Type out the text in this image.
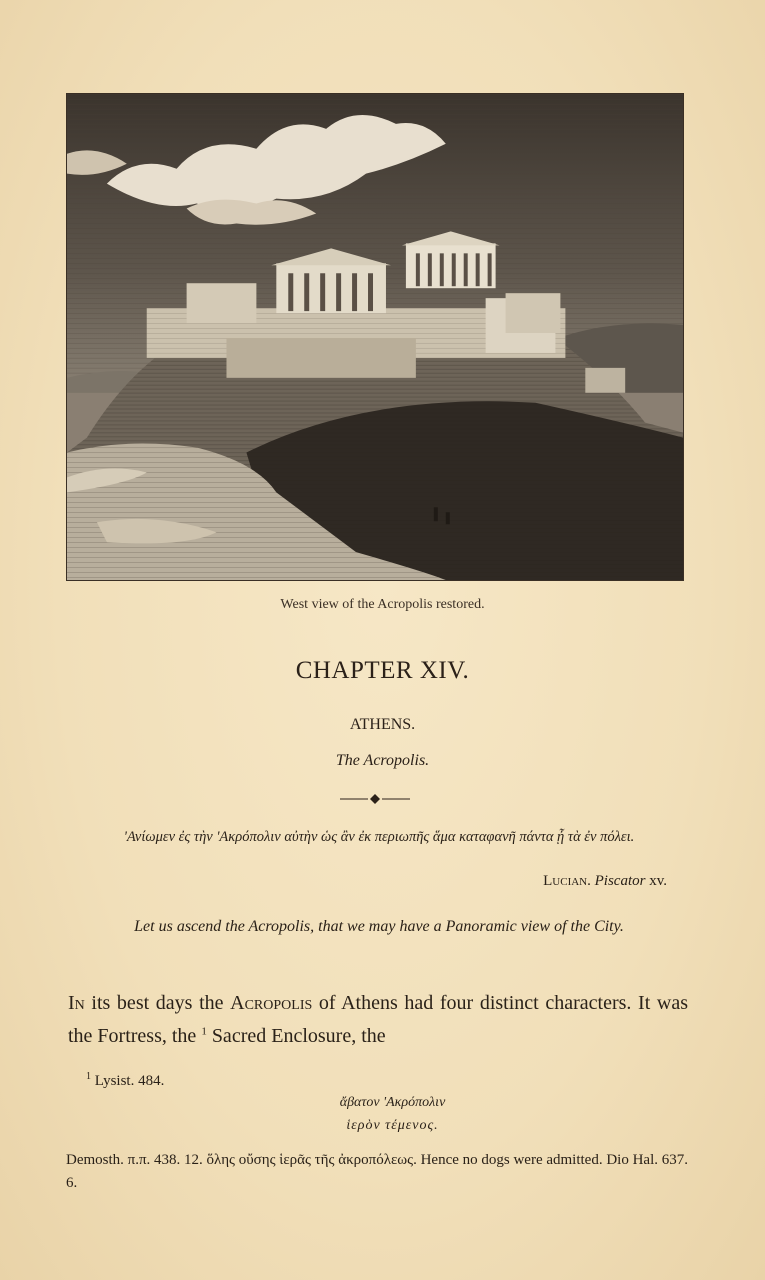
West view of the Acropolis restored.
CHAPTER XIV.
ATHENS.
The Acropolis.
'Ανίωμεν ἐς τὴν 'Ακρόπολιν αὐτὴν ὡς ἂν ἐκ περιωπῆς ἅμα καταφανῆ πάντα ᾖ τὰ ἐν πόλει.
Lucian. Piscator xv.
Let us ascend the Acropolis, that we may have a Panoramic view of the City.
In its best days the Acropolis of Athens had four distinct characters. It was the Fortress, the $^1$ Sacred Enclosure, the
$^1$ Lysist. 484.
ἄβατον 'Ακρόπολιν
ἱερὸν τέμενος.
Demosth. π.π. 438. 12. ὅλης οὔσης ἱερᾶς τῆς ἀκροπόλεως. Hence no dogs were admitted. Dio Hal. 637. 6.
